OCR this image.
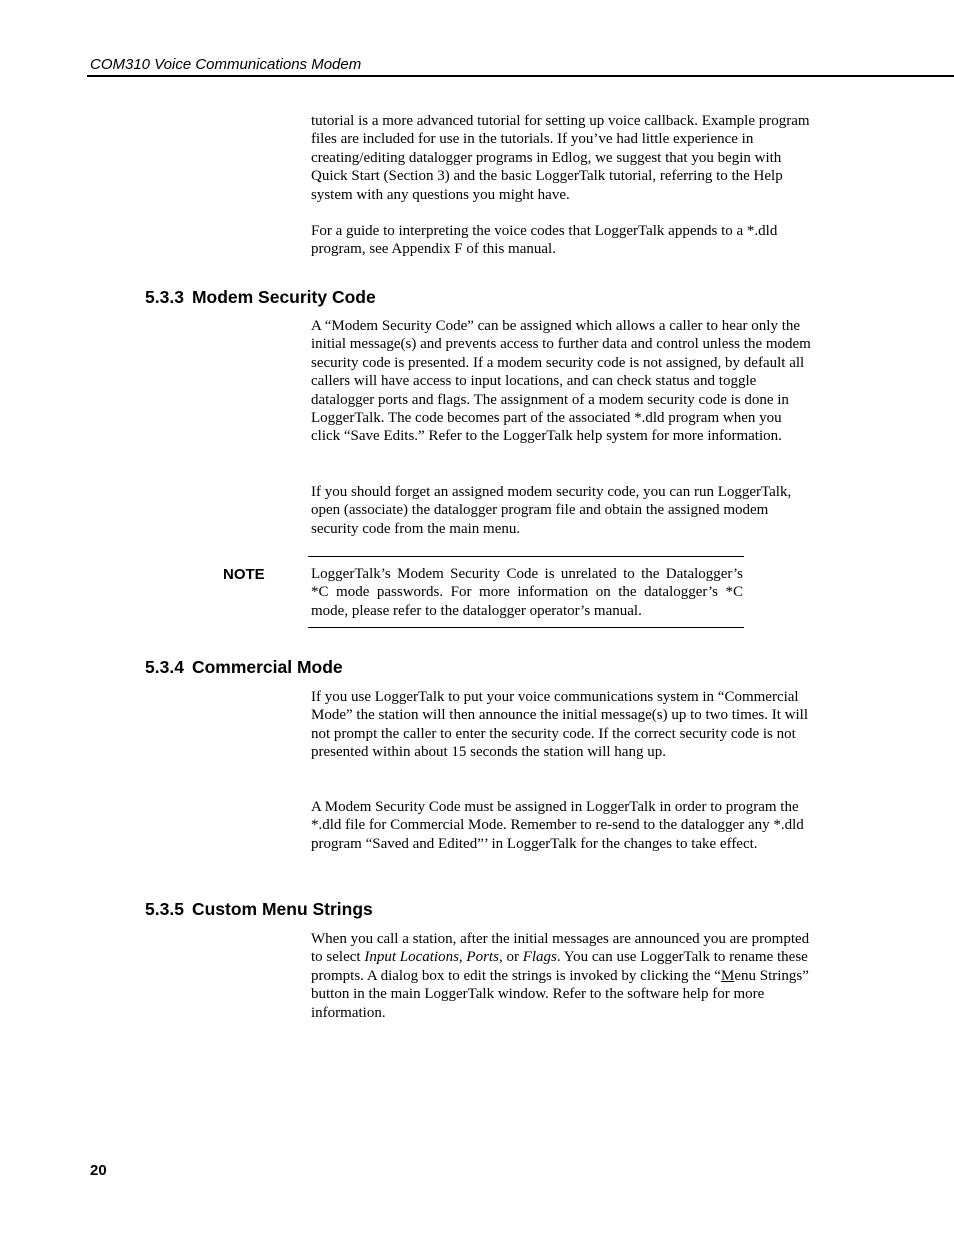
COM310 Voice Communications Modem

tutorial is a more advanced tutorial for setting up voice callback. Example program files are included for use in the tutorials. If you’ve had little experience in creating/editing datalogger programs in Edlog, we suggest that you begin with Quick Start (Section 3) and the basic LoggerTalk tutorial, referring to the Help system with any questions you might have.

For a guide to interpreting the voice codes that LoggerTalk appends to a *.dld program, see Appendix F of this manual.

5.3.3 Modem Security Code

A “Modem Security Code” can be assigned which allows a caller to hear only the initial message(s) and prevents access to further data and control unless the modem security code is presented. If a modem security code is not assigned, by default all callers will have access to input locations, and can check status and toggle datalogger ports and flags. The assignment of a modem security code is done in LoggerTalk. The code becomes part of the associated *.dld program when you click “Save Edits.” Refer to the LoggerTalk help system for more information.

If you should forget an assigned modem security code, you can run LoggerTalk, open (associate) the datalogger program file and obtain the assigned modem security code from the main menu.

NOTE	LoggerTalk’s Modem Security Code is unrelated to the Datalogger’s *C mode passwords. For more information on the datalogger’s *C mode, please refer to the datalogger operator’s manual.

5.3.4 Commercial Mode

If you use LoggerTalk to put your voice communications system in “Commercial Mode” the station will then announce the initial message(s) up to two times. It will not prompt the caller to enter the security code. If the correct security code is not presented within about 15 seconds the station will hang up.

A Modem Security Code must be assigned in LoggerTalk in order to program the *.dld file for Commercial Mode. Remember to re-send to the datalogger any *.dld program “Saved and Edited”’ in LoggerTalk for the changes to take effect.

5.3.5 Custom Menu Strings

When you call a station, after the initial messages are announced you are prompted to select Input Locations, Ports, or Flags. You can use LoggerTalk to rename these prompts. A dialog box to edit the strings is invoked by clicking the “Menu Strings” button in the main LoggerTalk window. Refer to the software help for more information.

20
